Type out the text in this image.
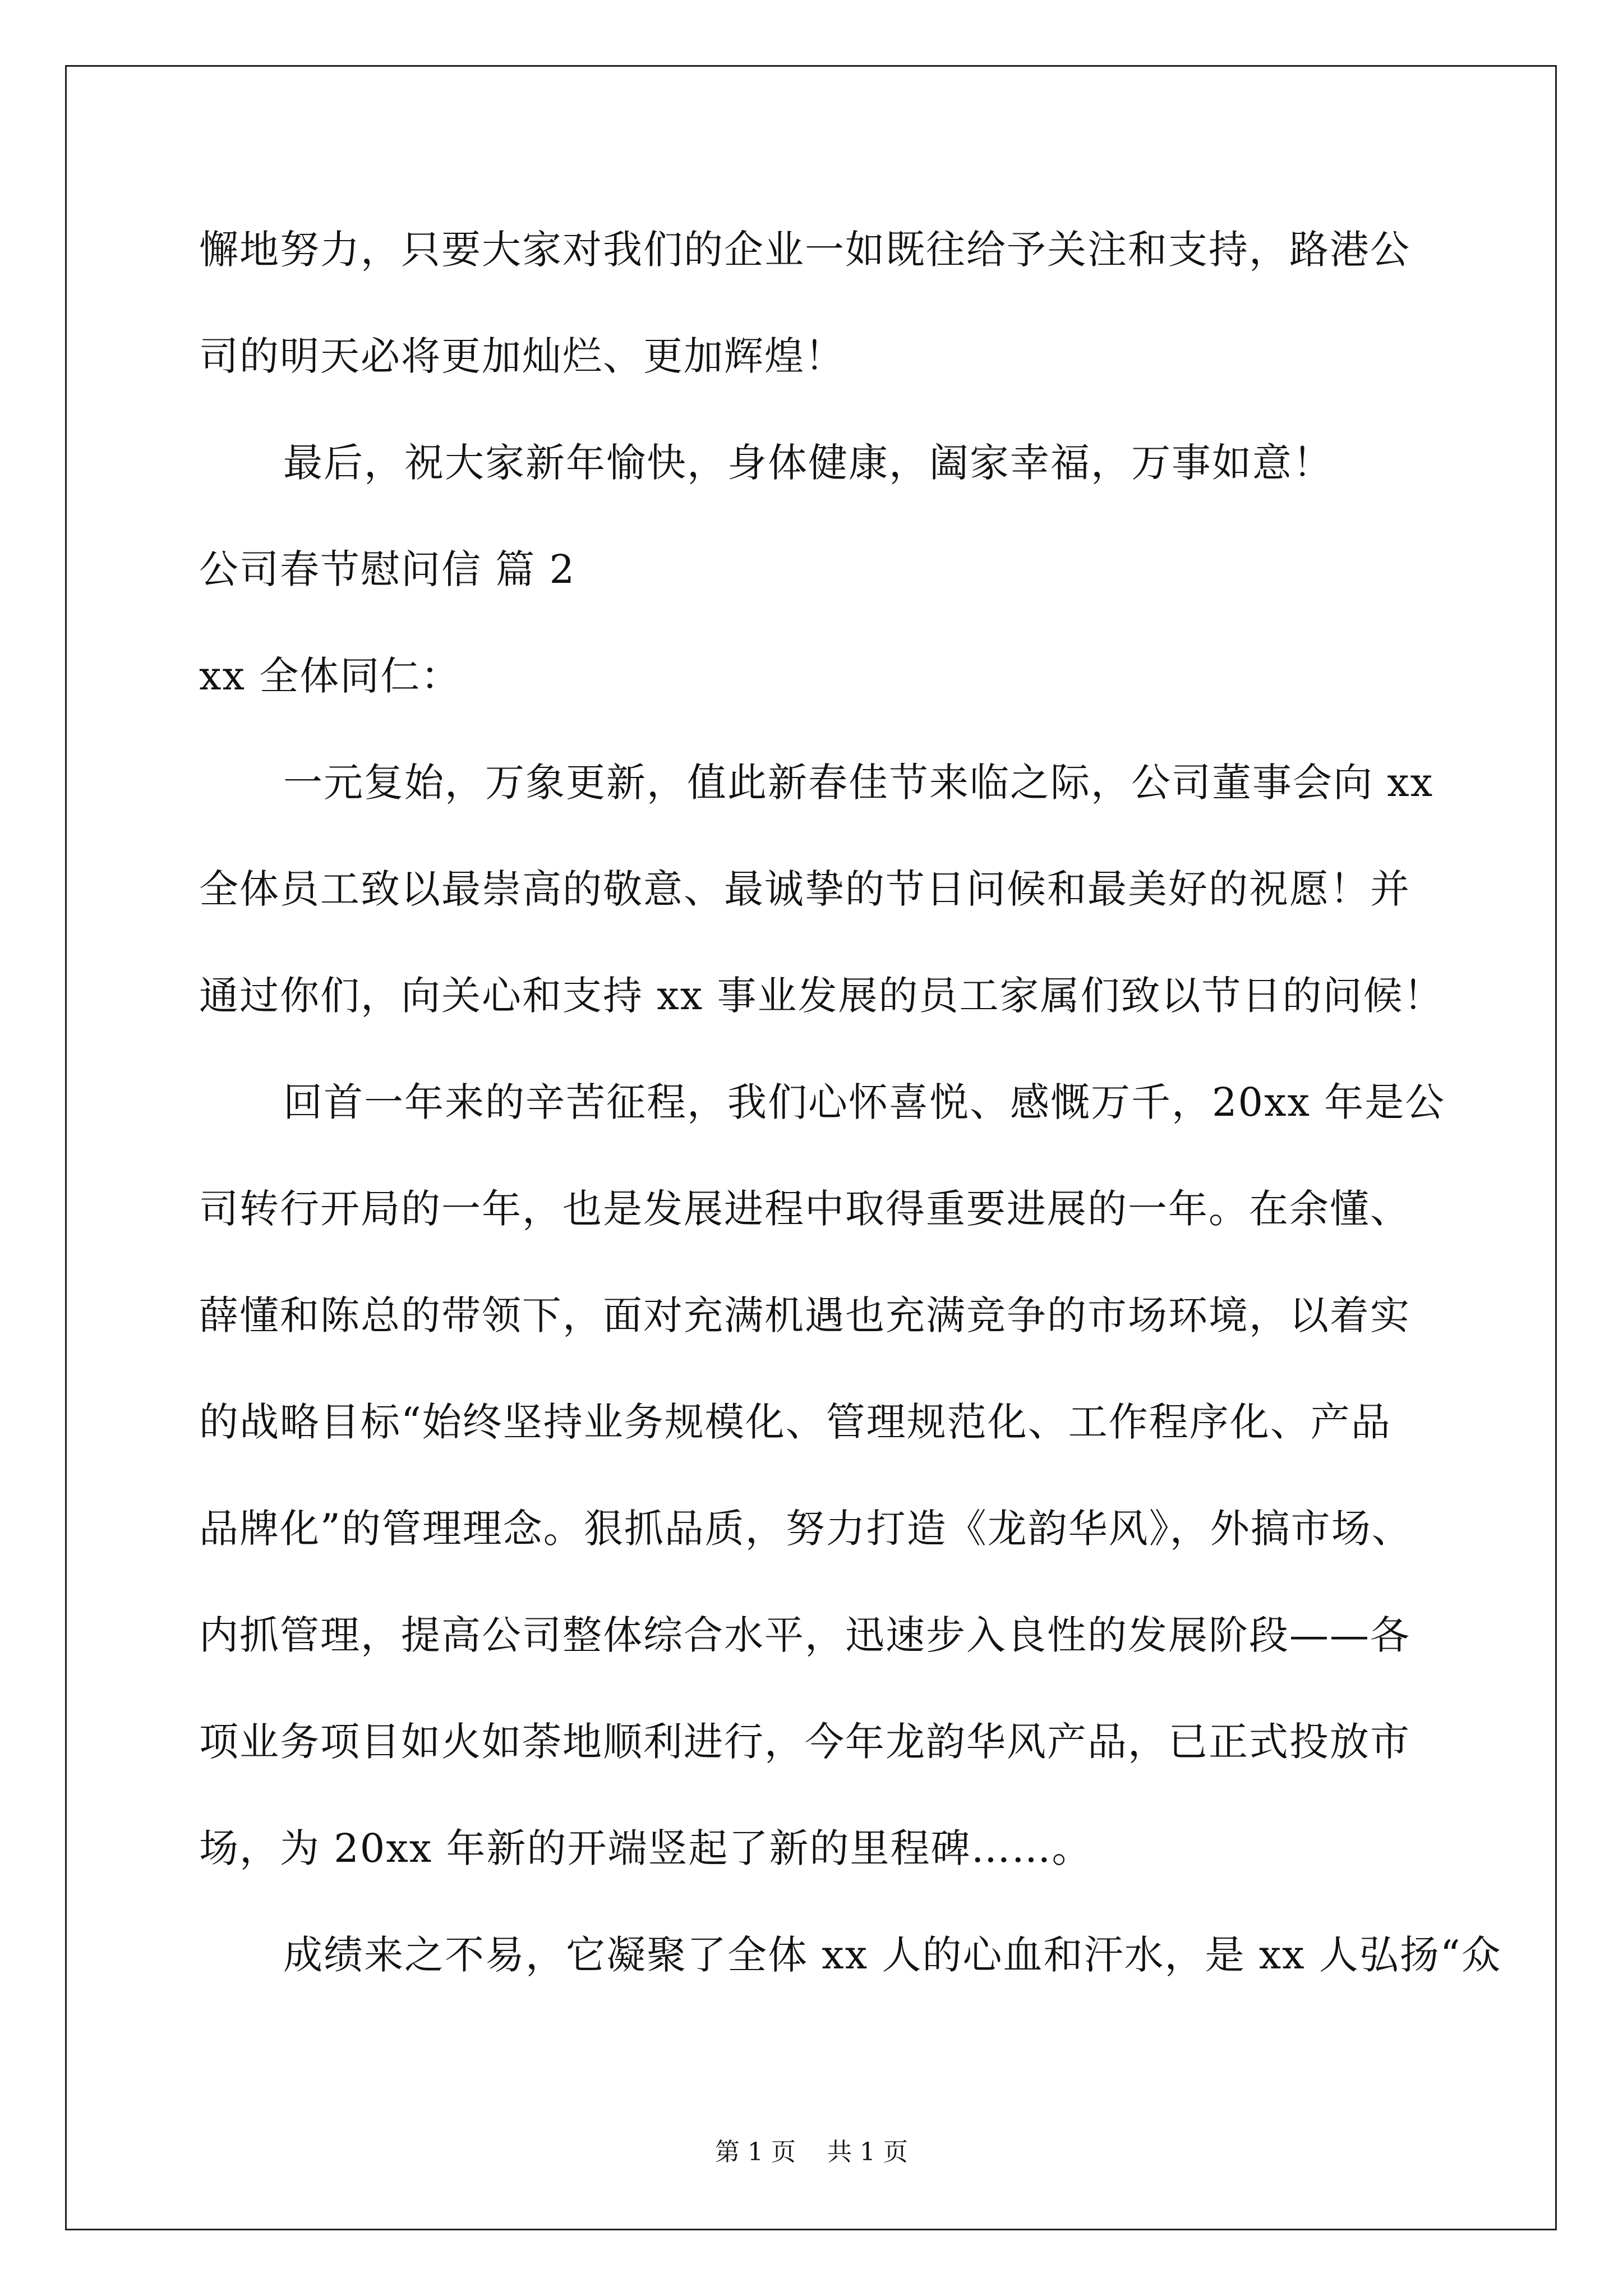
懈地努力，只要大家对我们的企业一如既往给予关注和支持，路港公
司的明天必将更加灿烂、更加辉煌！
最后，祝大家新年愉快，身体健康，阖家幸福，万事如意！
公司春节慰问信 篇 2
xx 全体同仁：
一元复始，万象更新，值此新春佳节来临之际，公司董事会向 xx
全体员工致以最崇高的敬意、最诚挚的节日问候和最美好的祝愿！并
通过你们，向关心和支持 xx 事业发展的员工家属们致以节日的问候！
回首一年来的辛苦征程，我们心怀喜悦、感慨万千，20xx 年是公
司转行开局的一年，也是发展进程中取得重要进展的一年。在余懂、
薛懂和陈总的带领下，面对充满机遇也充满竞争的市场环境，以着实
的战略目标“始终坚持业务规模化、管理规范化、工作程序化、产品
品牌化”的管理理念。狠抓品质，努力打造《龙韵华风》，外搞市场、
内抓管理，提高公司整体综合水平，迅速步入良性的发展阶段——各
项业务项目如火如荼地顺利进行，今年龙韵华风产品，已正式投放市
场，为 20xx 年新的开端竖起了新的里程碑……。
成绩来之不易，它凝聚了全体 xx 人的心血和汗水，是 xx 人弘扬“众
第 1 页    共 1 页
